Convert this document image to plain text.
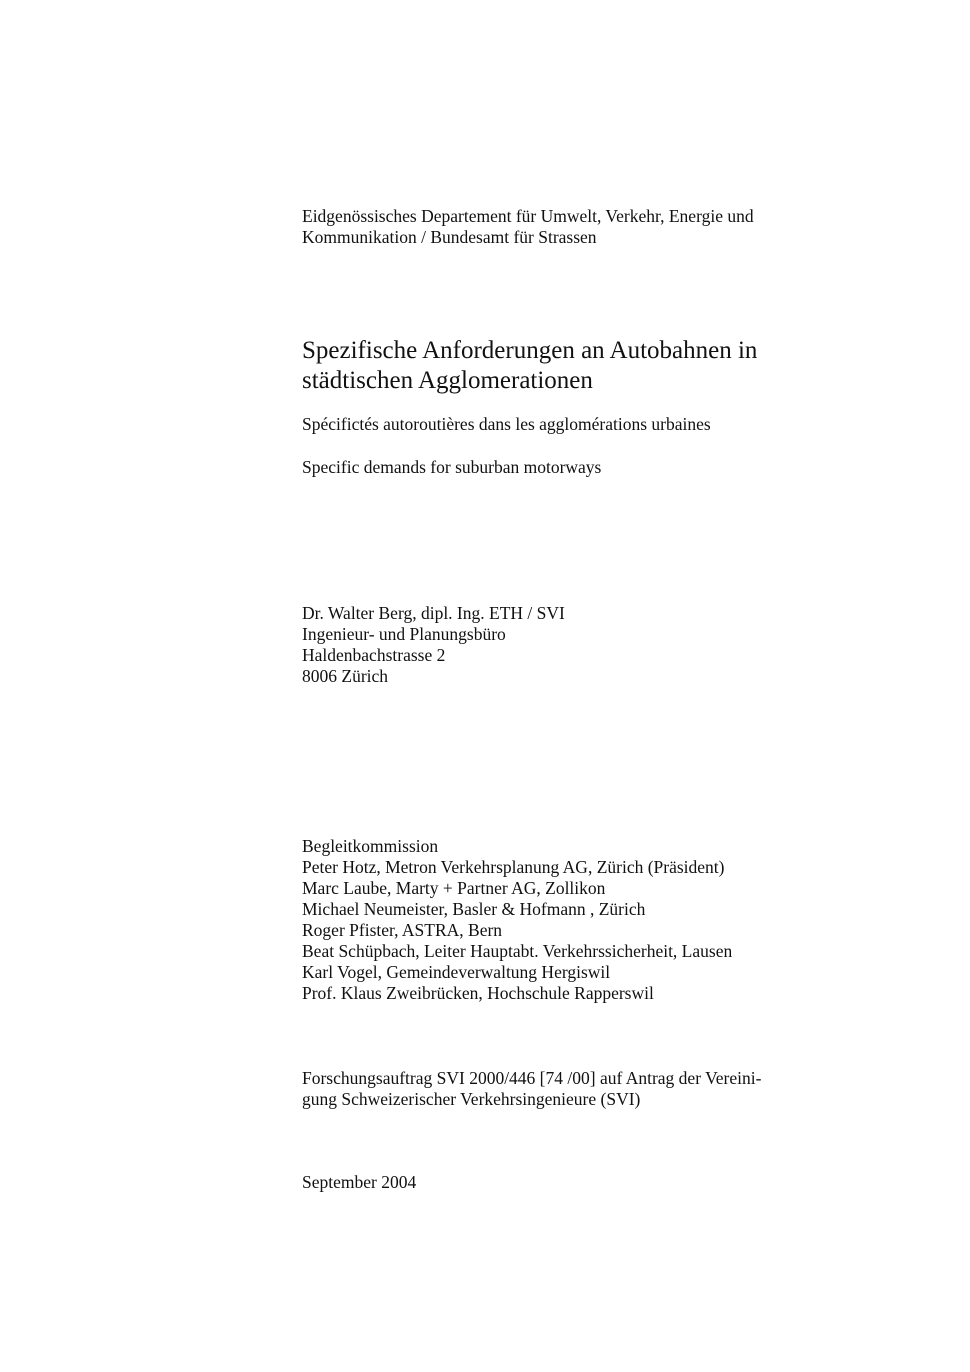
Eidgenössisches Departement für Umwelt, Verkehr, Energie und
Kommunikation / Bundesamt für Strassen
Spezifische Anforderungen an Autobahnen in
städtischen Agglomerationen
Spécifictés autoroutières dans les agglomérations urbaines
Specific demands for suburban motorways
Dr. Walter Berg, dipl. Ing. ETH / SVI
Ingenieur- und Planungsbüro
Haldenbachstrasse 2
8006 Zürich
Begleitkommission
Peter Hotz, Metron Verkehrsplanung AG, Zürich (Präsident)
Marc Laube, Marty + Partner AG, Zollikon
Michael Neumeister, Basler & Hofmann , Zürich
Roger Pfister, ASTRA, Bern
Beat Schüpbach, Leiter Hauptabt. Verkehrssicherheit, Lausen
Karl Vogel, Gemeindeverwaltung Hergiswil
Prof. Klaus Zweibrücken, Hochschule Rapperswil
Forschungsauftrag SVI 2000/446 [74 /00] auf Antrag der Vereini-
gung Schweizerischer Verkehrsingenieure (SVI)
September 2004
